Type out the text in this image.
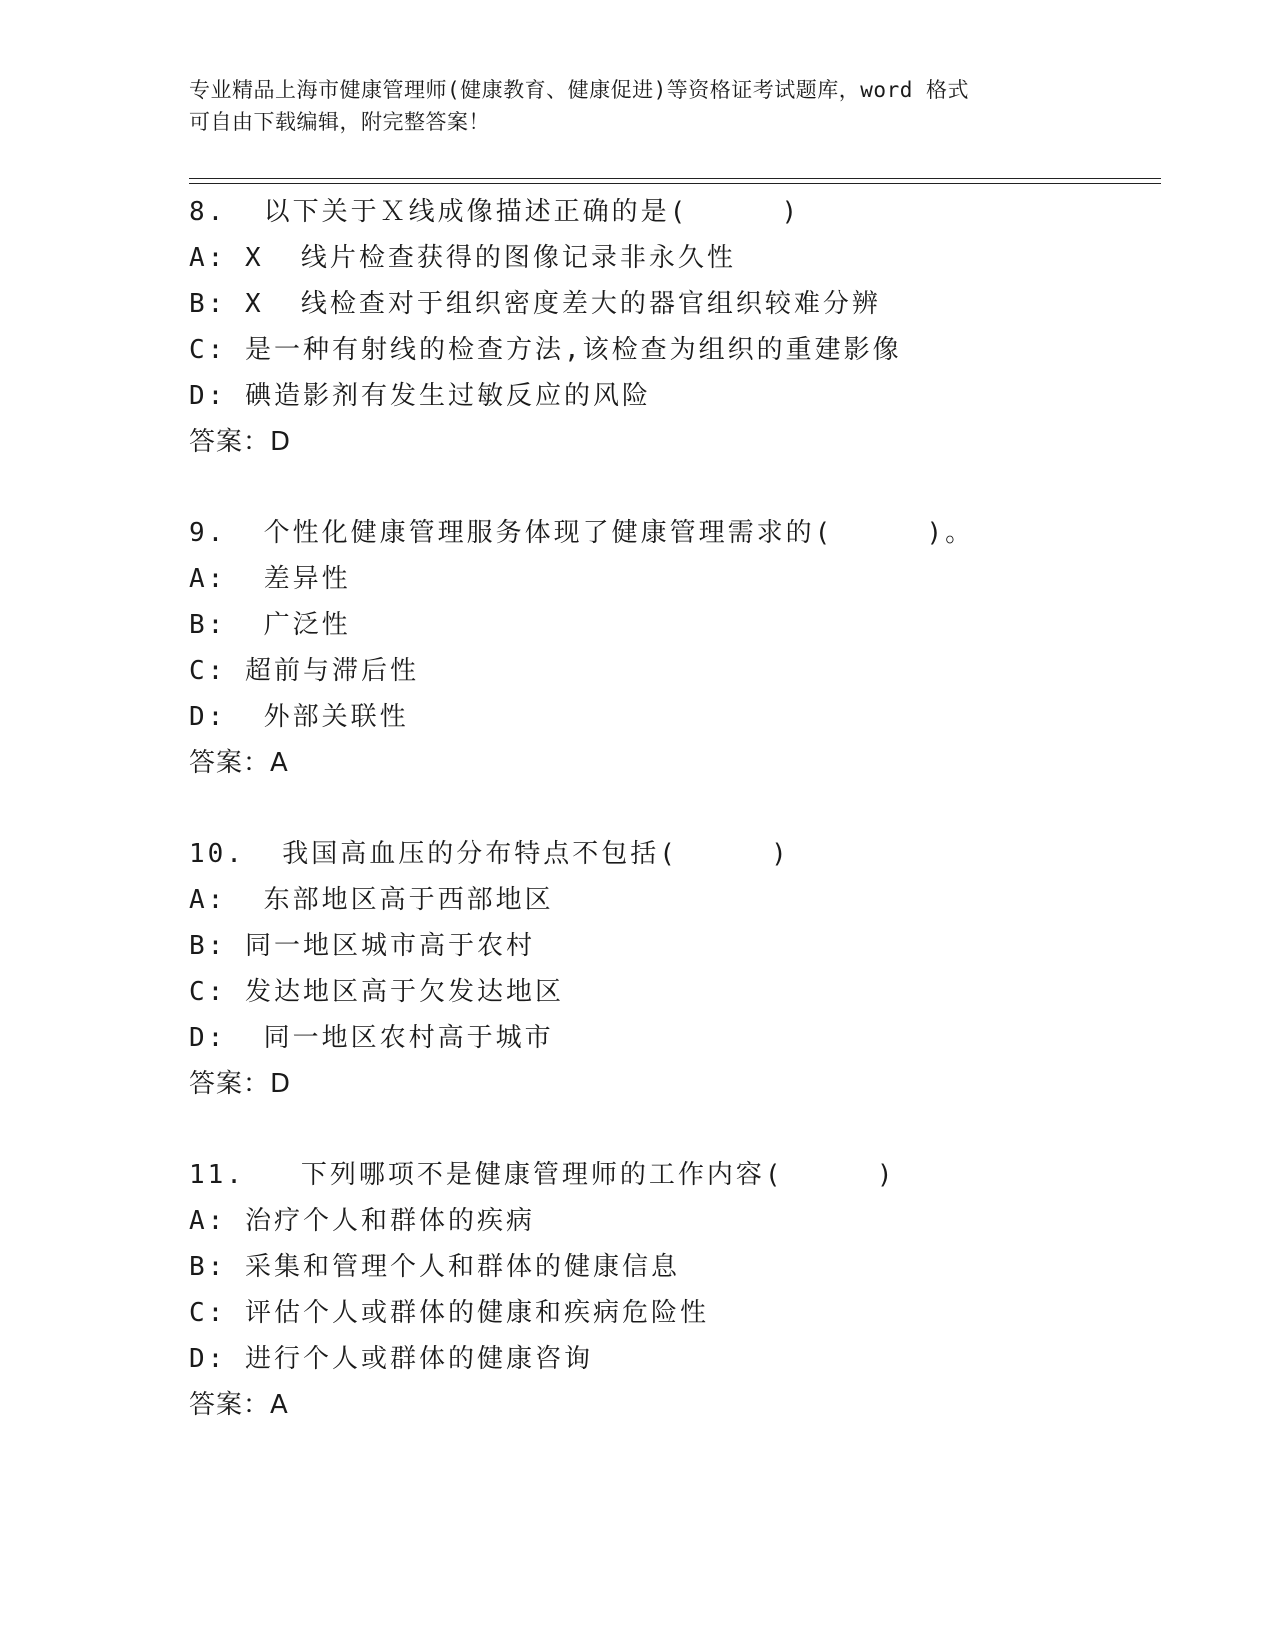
专业精品上海市健康管理师(健康教育、健康促进)等资格证考试题库，word 格式
可自由下载编辑，附完整答案！
8.  以下关于Ｘ线成像描述正确的是(     )
A: X  线片检查获得的图像记录非永久性
B: X  线检查对于组织密度差大的器官组织较难分辨
C: 是一种有射线的检查方法,该检查为组织的重建影像
D: 碘造影剂有发生过敏反应的风险
答案：D
9.  个性化健康管理服务体现了健康管理需求的(     )。
A:  差异性
B:  广泛性
C: 超前与滞后性
D:  外部关联性
答案：A
10.  我国高血压的分布特点不包括(     )
A:  东部地区高于西部地区
B: 同一地区城市高于农村
C: 发达地区高于欠发达地区
D:  同一地区农村高于城市
答案：D
11.   下列哪项不是健康管理师的工作内容(     )
A: 治疗个人和群体的疾病
B: 采集和管理个人和群体的健康信息
C: 评估个人或群体的健康和疾病危险性
D: 进行个人或群体的健康咨询
答案：A
